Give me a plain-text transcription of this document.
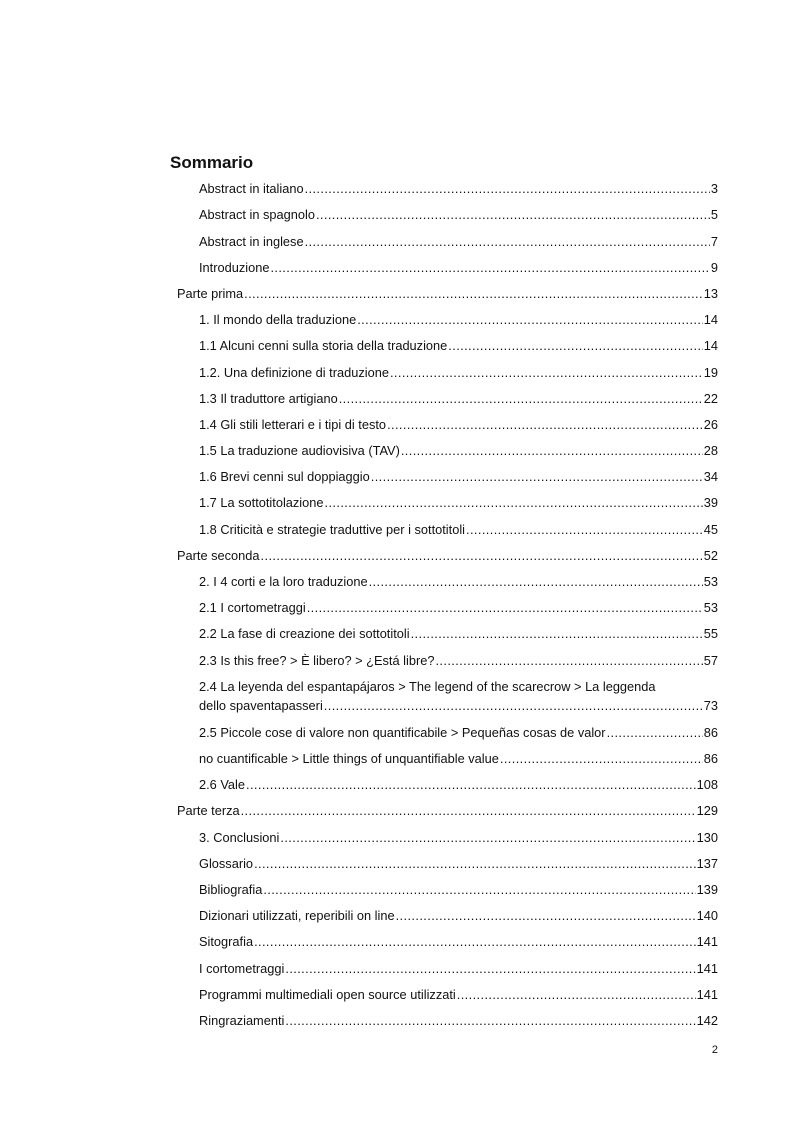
Sommario
Abstract in italiano .....	3
Abstract in spagnolo .....	5
Abstract in inglese .....	7
Introduzione .....	9
Parte prima .....	13
1. Il mondo della traduzione .....	14
1.1 Alcuni cenni sulla storia della traduzione .....	14
1.2. Una definizione di traduzione .....	19
1.3 Il traduttore artigiano .....	22
1.4 Gli stili letterari e i tipi di testo .....	26
1.5 La traduzione audiovisiva (TAV) .....	28
1.6 Brevi cenni sul doppiaggio .....	34
1.7 La sottotitolazione .....	39
1.8 Criticità e strategie traduttive per i sottotitoli .....	45
Parte seconda .....	52
2. I 4 corti e la loro traduzione .....	53
2.1 I cortometraggi .....	53
2.2 La fase di creazione dei sottotitoli .....	55
2.3 Is this free? > È libero? > ¿Está libre? .....	57
2.4 La leyenda del espantapájaros > The legend of the scarecrow > La leggenda
dello spaventapasseri .....	73
2.5 Piccole cose di valore non quantificabile > Pequeñas cosas de valor .....	86
no cuantificable > Little things of unquantifiable value .....	86
2.6 Vale .....	108
Parte terza .....	129
3. Conclusioni .....	130
Glossario .....	137
Bibliografia .....	139
Dizionari utilizzati, reperibili on line .....	140
Sitografia .....	141
I cortometraggi .....	141
Programmi multimediali open source utilizzati .....	141
Ringraziamenti .....	142
2
